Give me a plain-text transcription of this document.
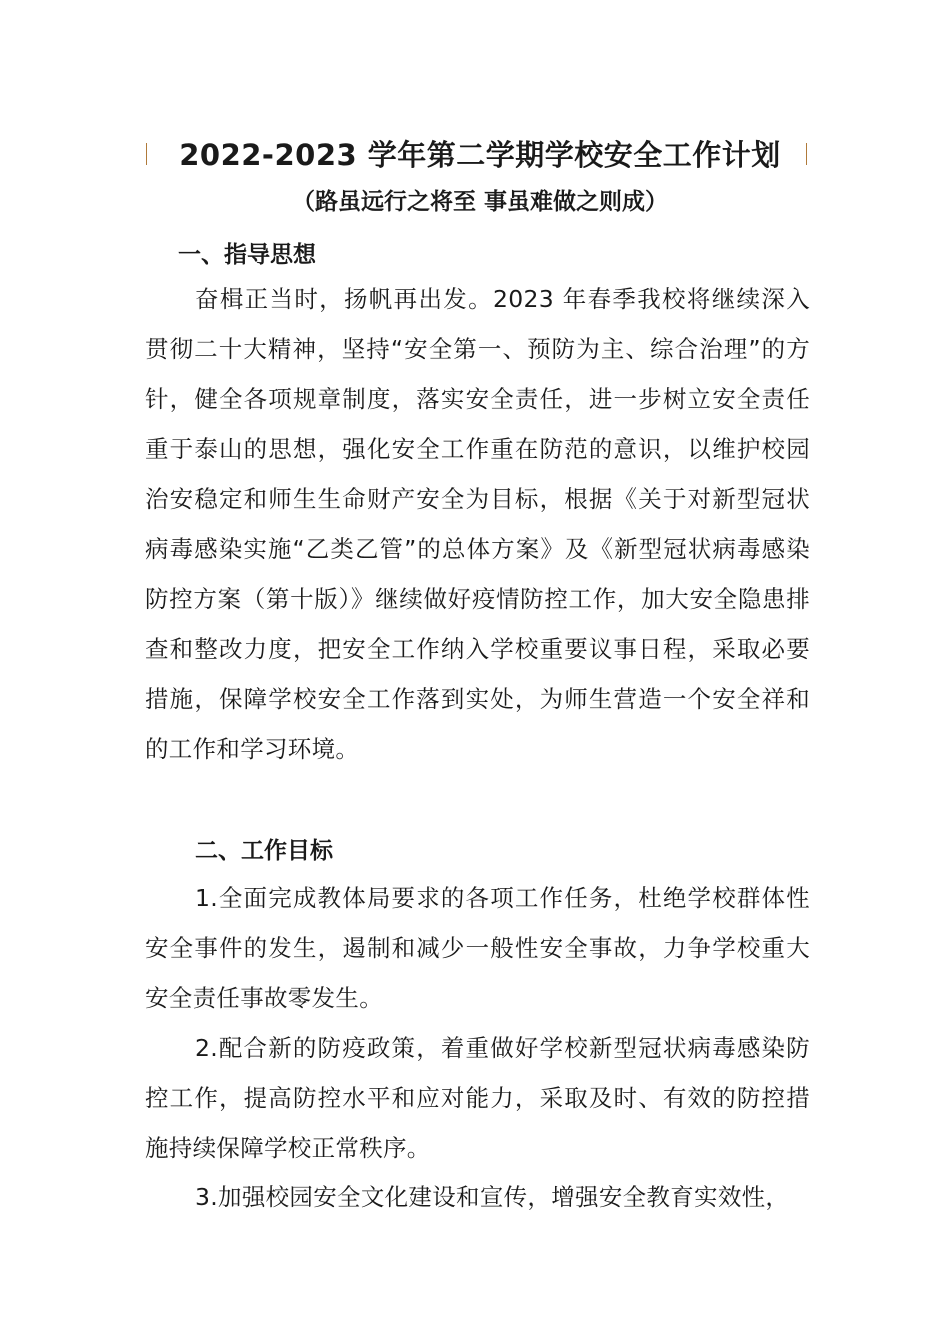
2022-2023 学年第二学期学校安全工作计划
（路虽远行之将至 事虽难做之则成）
一、指导思想

奋楫正当时，扬帆再出发。2023 年春季我校将继续深入贯彻二十大精神，坚持“安全第一、预防为主、综合治理”的方针，健全各项规章制度，落实安全责任，进一步树立安全责任重于泰山的思想，强化安全工作重在防范的意识，以维护校园治安稳定和师生生命财产安全为目标，根据《关于对新型冠状病毒感染实施“乙类乙管”的总体方案》及《新型冠状病毒感染防控方案（第十版）》继续做好疫情防控工作，加大安全隐患排查和整改力度，把安全工作纳入学校重要议事日程，采取必要措施，保障学校安全工作落到实处，为师生营造一个安全祥和的工作和学习环境。

二、工作目标

1.全面完成教体局要求的各项工作任务，杜绝学校群体性安全事件的发生，遏制和减少一般性安全事故，力争学校重大安全责任事故零发生。

2.配合新的防疫政策，着重做好学校新型冠状病毒感染防控工作，提高防控水平和应对能力，采取及时、有效的防控措施持续保障学校正常秩序。

3.加强校园安全文化建设和宣传，增强安全教育实效性，
